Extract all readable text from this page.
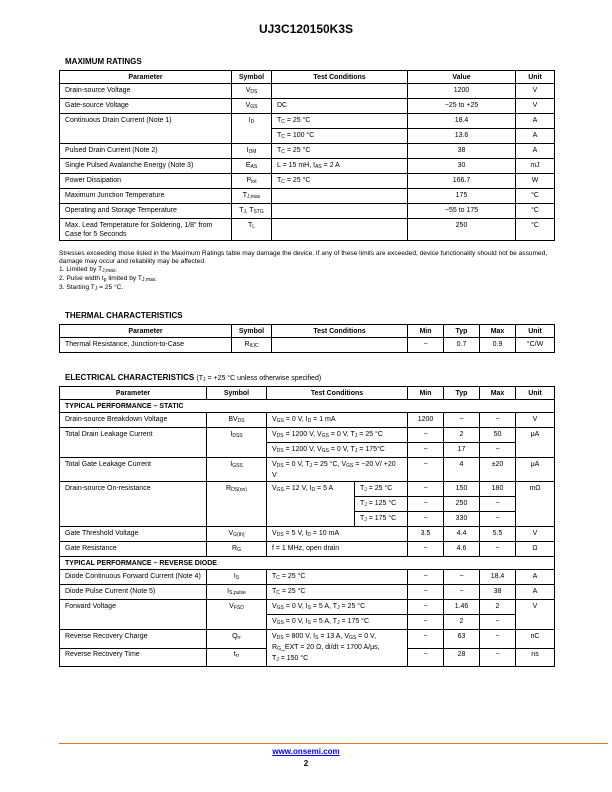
UJ3C120150K3S
MAXIMUM RATINGS
Parameter	Symbol	Test Conditions	Value	Unit
Drain-source Voltage	$V_{DS}$		1200	V
Gate-source Voltage	$V_{GS}$	DC	−25 to +25	V
Continuous Drain Current (Note 1)	$I_D$	$T_C = 25$ °C	18.4	A
		$T_C = 100$ °C	13.6	A
Pulsed Drain Current (Note 2)	$I_{DM}$	$T_C = 25$ °C	38	A
Single Pulsed Avalanche Energy (Note 3)	$E_{AS}$	L = 15 mH, $I_{AS} = 2$ A	30	mJ
Power Dissipation	$P_{tot}$	$T_C = 25$ °C	166.7	W
Maximum Junction Temperature	$T_{J,max}$		175	°C
Operating and Storage Temperature	$T_{J,}$ $T_{STG}$		−55 to 175	°C
Max. Lead Temperature for Soldering, 1/8" from Case for 5 Seconds	$T_L$		250	°C
Stresses exceeding those listed in the Maximum Ratings table may damage the device. If any of these limits are exceeded, device functionality should not be assumed, damage may occur and reliability may be affected.
1. Limited by $T_{J,max.}$
2. Pulse width $t_p$ limited by $T_{J,max.}$
3. Starting $T_J = 25$ °C.
THERMAL CHARACTERISTICS
Parameter	Symbol	Test Conditions	Min	Typ	Max	Unit
Thermal Resistance, Junction-to-Case	$R_{\theta JC}$		−	0.7	0.9	°C/W
ELECTRICAL CHARACTERISTICS ($T_J = +25$ °C unless otherwise specified)
Parameter	Symbol	Test Conditions		Min	Typ	Max	Unit
TYPICAL PERFORMANCE – STATIC							
Drain-source Breakdown Voltage	$BV_{DS}$	$V_{GS} = 0$ V, $I_D = 1$ mA		1200	−	−	V
Total Drain Leakage Current	$I_{DSS}$	$V_{DS} = 1200$ V, $V_{GS} = 0$ V, $T_J = 25$ °C		−	2	50	μA
		$V_{DS} = 1200$ V, $V_{GS} = 0$ V, $T_J = 175^\circ C$		−	17	−	
Total Gate Leakage Current	$I_{GSS}$	$V_{DS} = 0$ V, $T_J = 25$ °C, $V_{GS} = -20$ V/ +20 V		−	4	±20	μA
Drain-source On-resistance	$R_{DS(on)}$	$V_{GS} = 12$ V, $I_D = 5$ A	$T_J = 25$ °C	−	150	180	mΩ
			$T_J = 125$ °C	−	250	−	
			$T_J = 175$ °C	−	330	−	
Gate Threshold Voltage	$V_{G(th)}$	$V_{DS} = 5$ V, $I_D = 10$ mA		3.5	4.4	5.5	V
Gate Resistance	$R_G$	f = 1 MHz, open drain		−	4.6	−	Ω
TYPICAL PERFORMANCE – REVERSE DIODE							
Diode Continuous Forward Current (Note 4)	$I_S$	$T_C = 25$ °C		−	−	18.4	A
Diode Pulse Current (Note 5)	$I_{S,pulse}$	$T_C = 25$ °C		−	−	38	A
Forward Voltage	$V_{FSD}$	$V_{GS} = 0$ V, $I_S = 5$ A, $T_J = 25$ °C		−	1.46	2	V
		$V_{GS} = 0$ V, $I_S = 5$ A, $T_J = 175$ °C		−	2	−	
Reverse Recovery Charge	$Q_{rr}$	$V_{DS} = 800$ V, $I_S = 13$ A, $V_{GS} = 0$ V, $R_G\_EXT = 20$ Ω, di/dt = 1700 A/μs,
$T_J = 150$ °C		−	63	−	nC
Reverse Recovery Time	$t_{rr}$			−	28	−	ns
www.onsemi.com
2
